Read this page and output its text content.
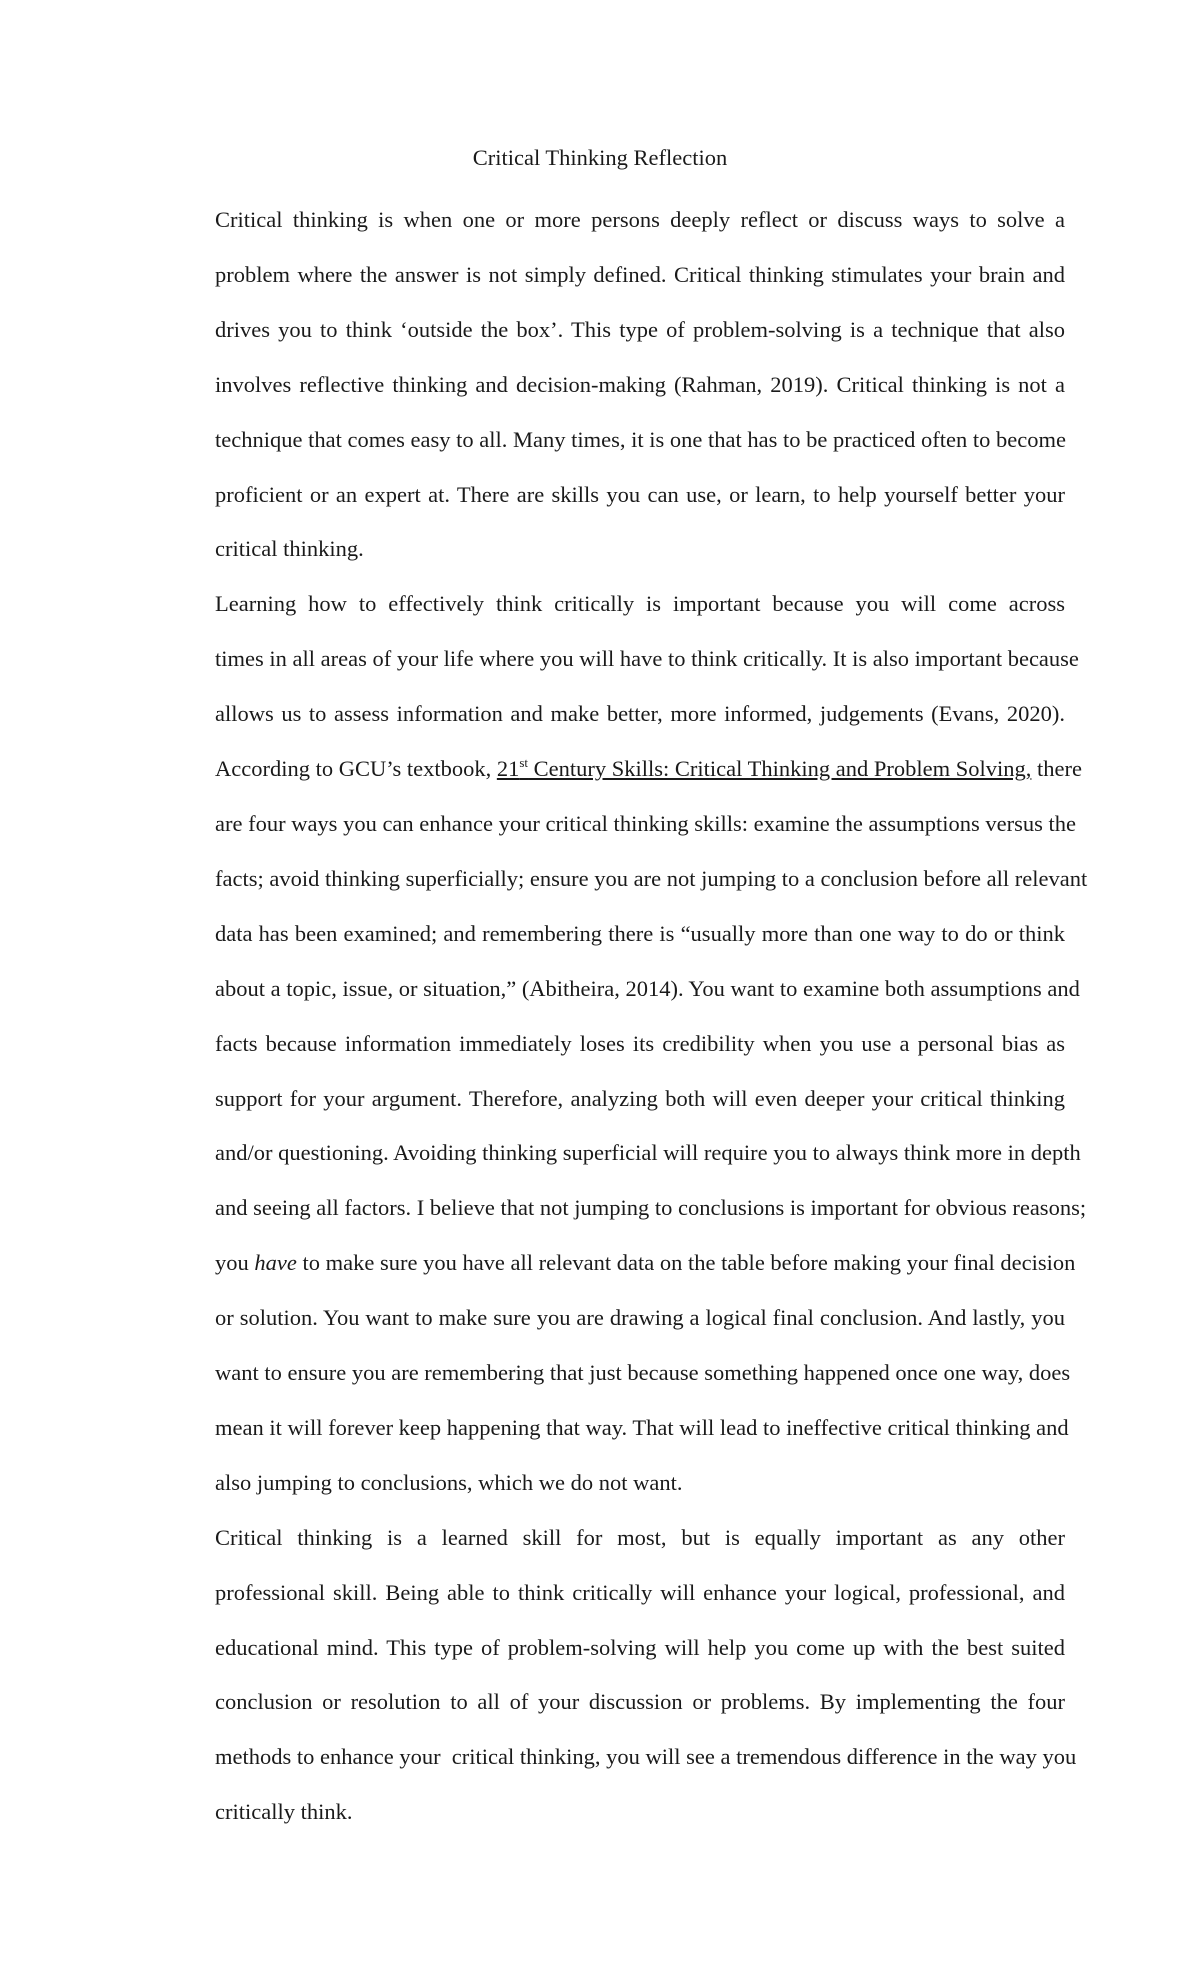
Critical Thinking Reflection

Critical thinking is when one or more persons deeply reflect or discuss ways to solve a
problem where the answer is not simply defined. Critical thinking stimulates your brain and
drives you to think ‘outside the box’. This type of problem-solving is a technique that also
involves reflective thinking and decision-making (Rahman, 2019). Critical thinking is not a
technique that comes easy to all. Many times, it is one that has to be practiced often to become
proficient or an expert at. There are skills you can use, or learn, to help yourself better your
critical thinking.

Learning how to effectively think critically is important because you will come across
times in all areas of your life where you will have to think critically. It is also important because
allows us to assess information and make better, more informed, judgements (Evans, 2020).
According to GCU’s textbook, 21st Century Skills: Critical Thinking and Problem Solving, there
are four ways you can enhance your critical thinking skills: examine the assumptions versus the
facts; avoid thinking superficially; ensure you are not jumping to a conclusion before all relevant
data has been examined; and remembering there is “usually more than one way to do or think
about a topic, issue, or situation,” (Abitheira, 2014). You want to examine both assumptions and
facts because information immediately loses its credibility when you use a personal bias as
support for your argument. Therefore, analyzing both will even deeper your critical thinking
and/or questioning. Avoiding thinking superficial will require you to always think more in depth
and seeing all factors. I believe that not jumping to conclusions is important for obvious reasons;
you have to make sure you have all relevant data on the table before making your final decision
or solution. You want to make sure you are drawing a logical final conclusion. And lastly, you
want to ensure you are remembering that just because something happened once one way, does
mean it will forever keep happening that way. That will lead to ineffective critical thinking and
also jumping to conclusions, which we do not want.

Critical thinking is a learned skill for most, but is equally important as any other
professional skill. Being able to think critically will enhance your logical, professional, and
educational mind. This type of problem-solving will help you come up with the best suited
conclusion or resolution to all of your discussion or problems. By implementing the four
methods to enhance your  critical thinking, you will see a tremendous difference in the way you
critically think.
